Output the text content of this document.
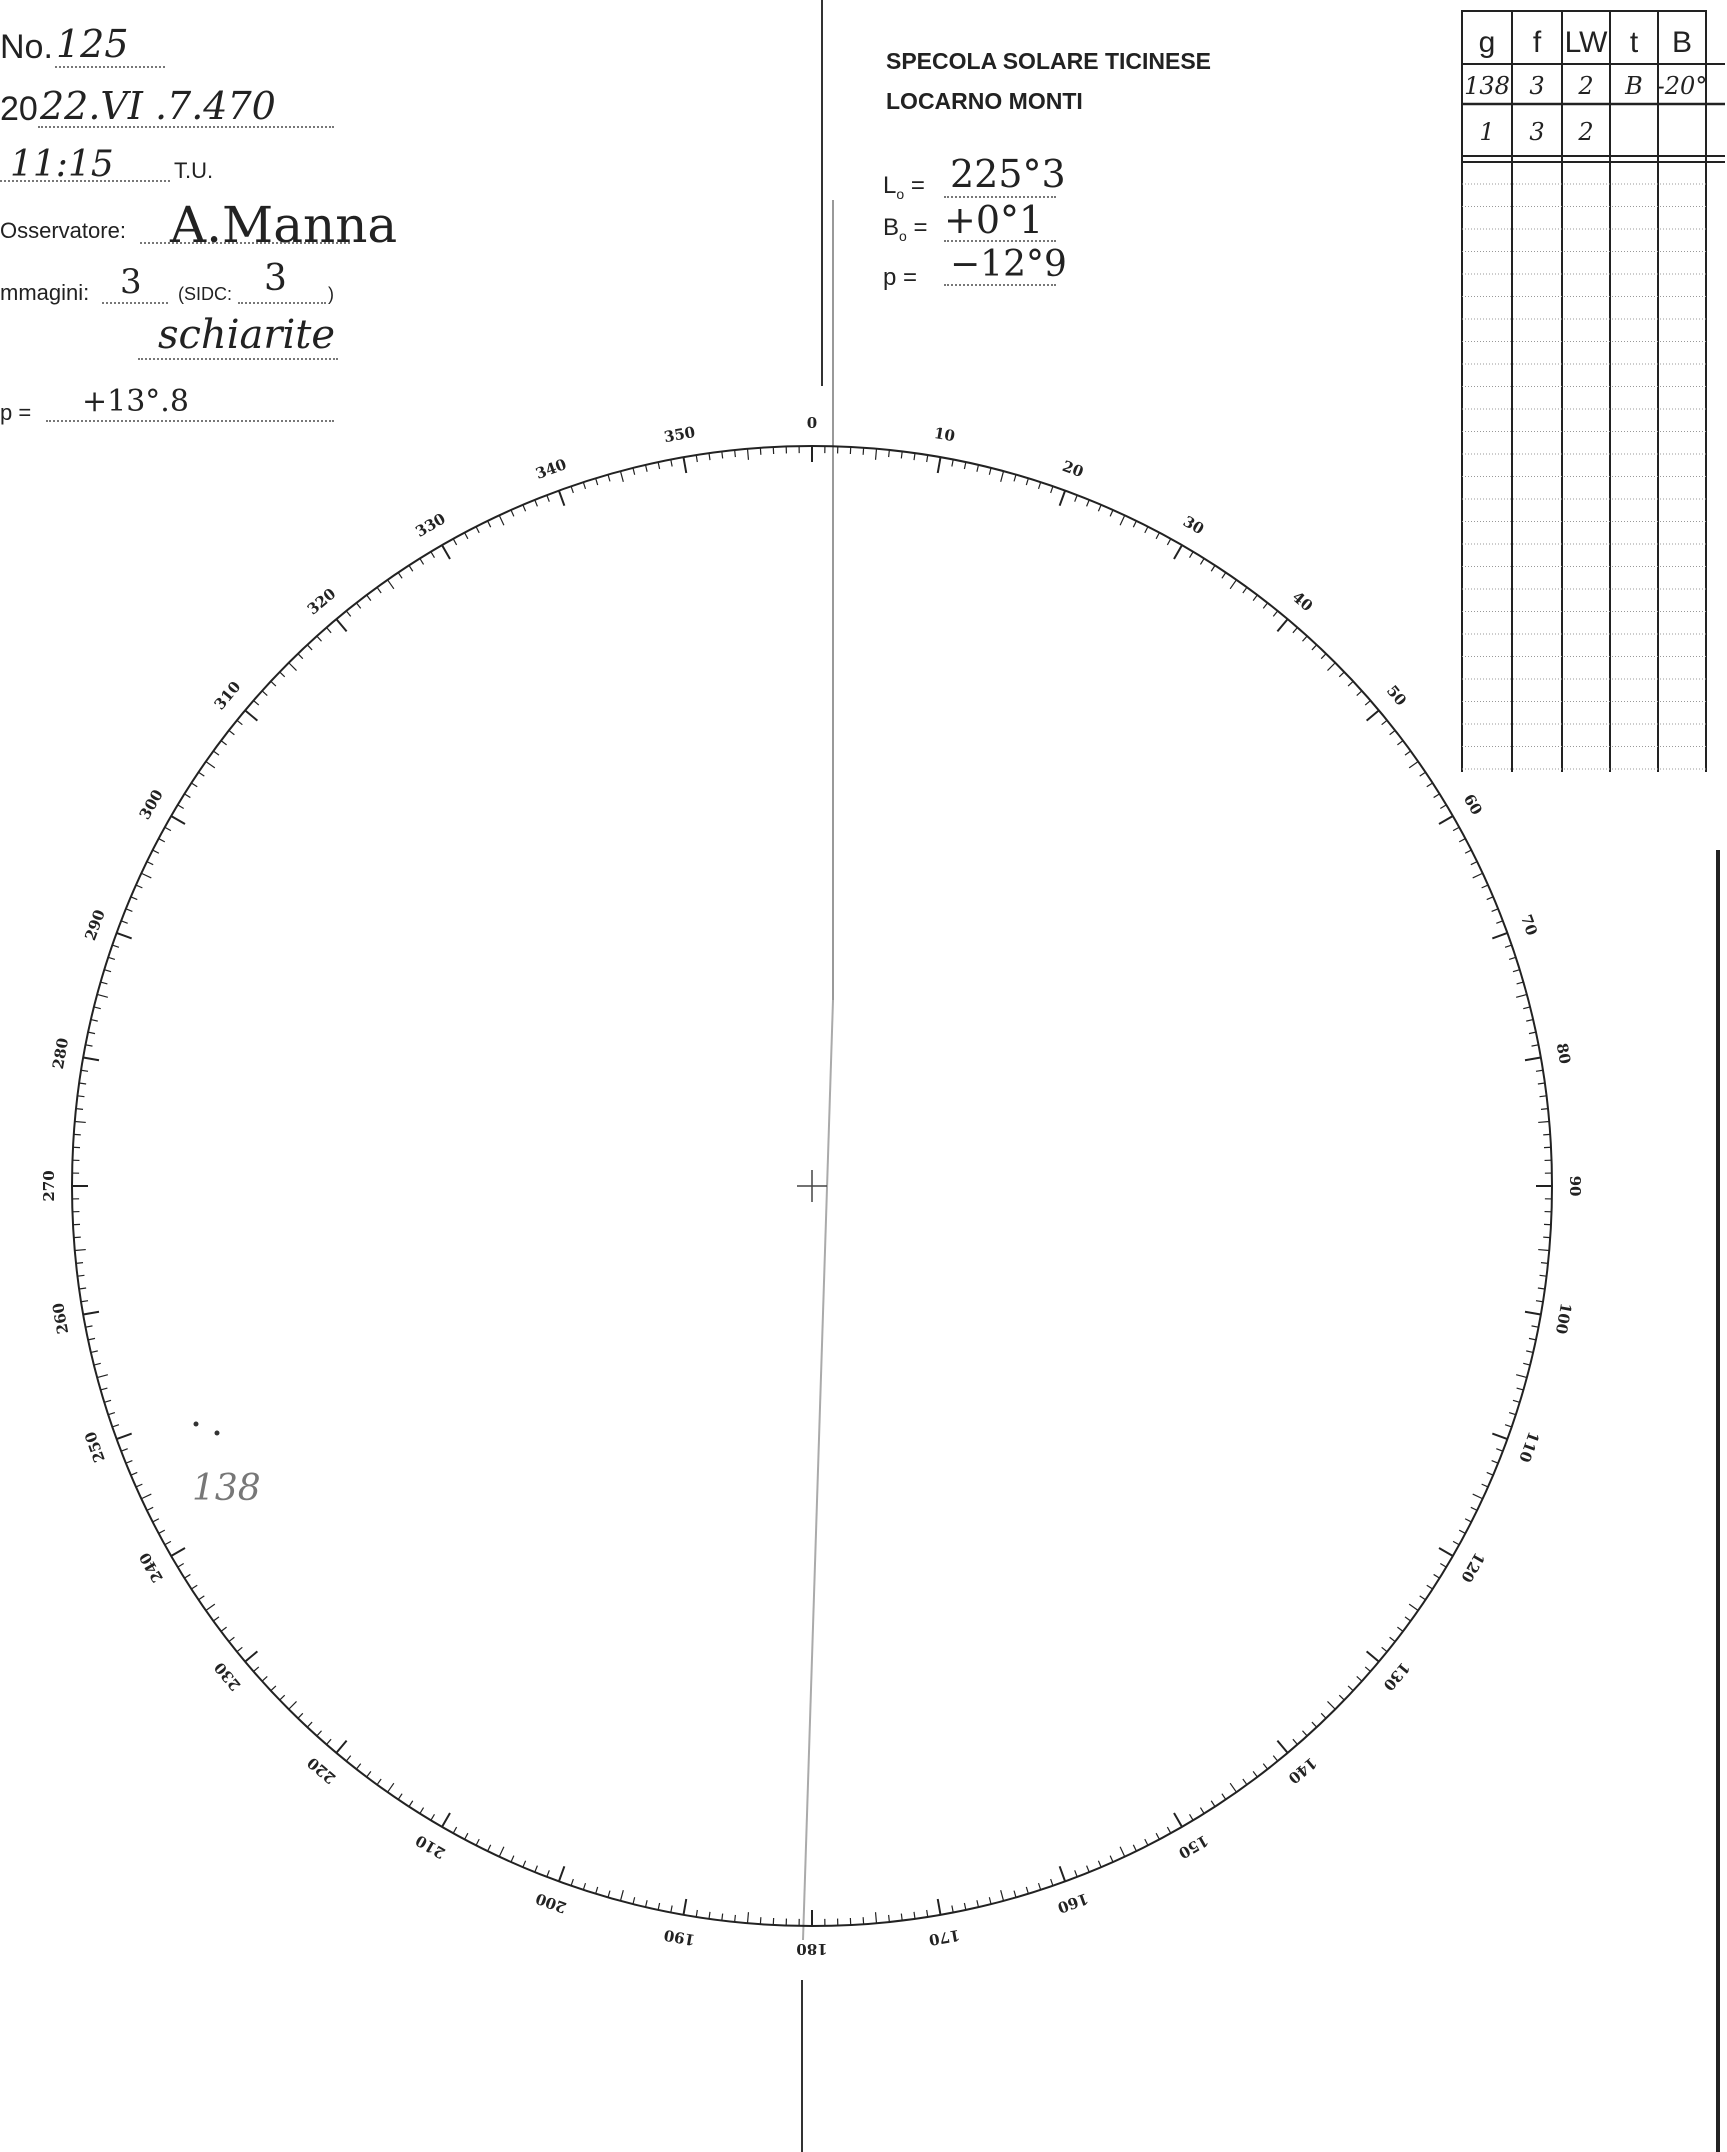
No. 125
20 22.VI .7.470
11:15	T.U.
Osservatore: A.Manna
mmagini: 3 (SIDC: 3 )
schiarite
p = +13°.8
SPECOLA SOLARE TICINESE
LOCARNO MONTI
$L_o = 225^\circ 3$
$B_o = +0^\circ 1$
p = −12°9
g f LW t B
138 3 2 B -20°
1 3 2
0
10
20
30
40
50
60
70
80
90
100
110
120
130
140
150
160
170
180
190
200
210
220
230
240
250
260
270
280
290
300
310
320
330
340
350
138
